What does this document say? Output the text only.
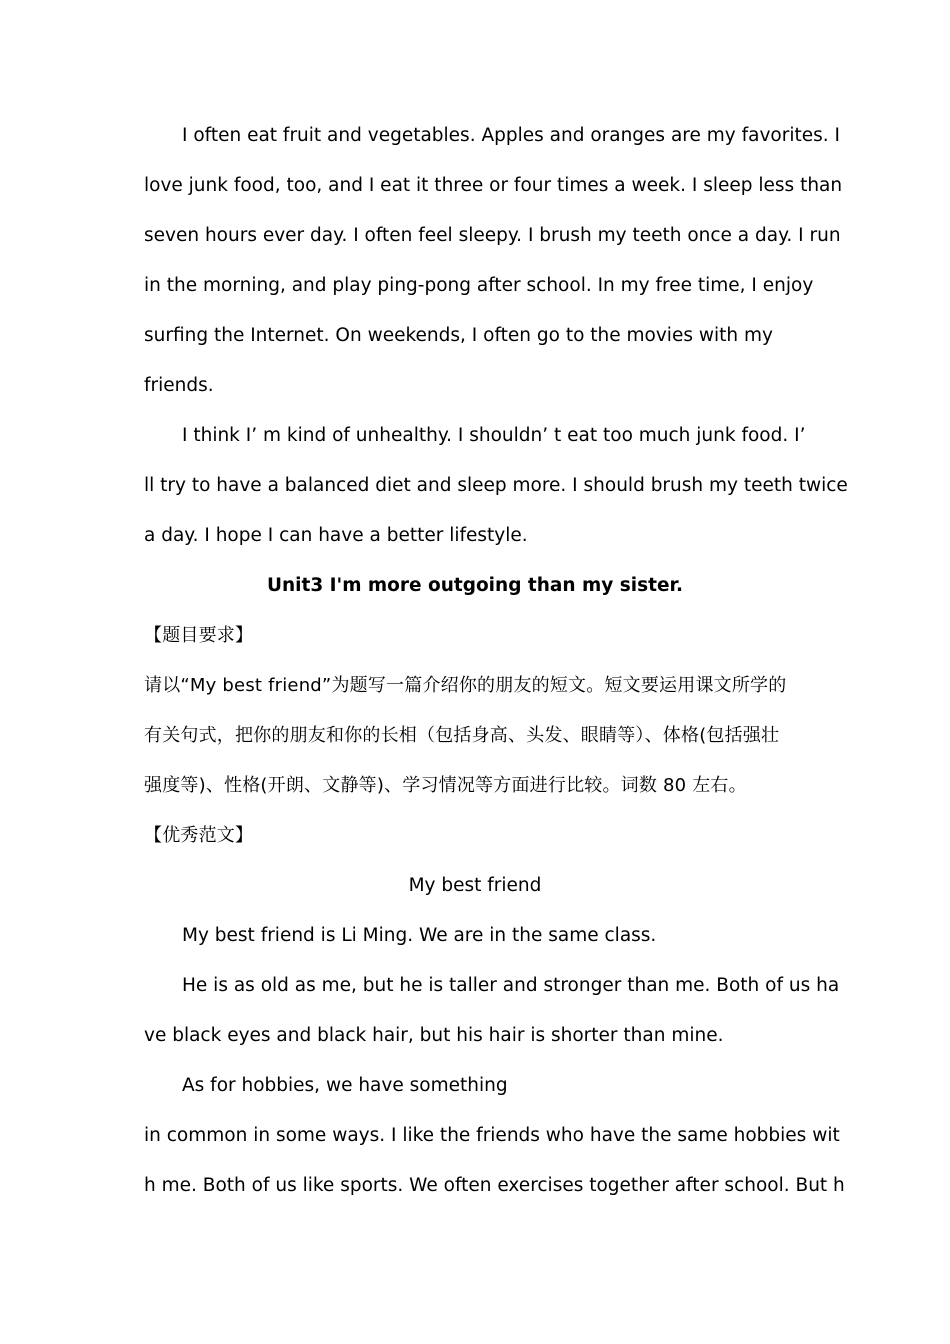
I often eat fruit and vegetables. Apples and oranges are my favorites. I
love junk food, too, and I eat it three or four times a week. I sleep less than
seven hours ever day. I often feel sleepy. I brush my teeth once a day. I run
in the morning, and play ping-pong after school. In my free time, I enjoy
surfing the Internet. On weekends, I often go to the movies with my
friends.
I think I’ m kind of unhealthy. I shouldn’ t eat too much junk food. I’
ll try to have a balanced diet and sleep more. I should brush my teeth twice
a day. I hope I can have a better lifestyle.
Unit3 I'm more outgoing than my sister.
【题目要求】
请以“My best friend”为题写一篇介绍你的朋友的短文。短文要运用课文所学的
有关句式，把你的朋友和你的长相（包括身高、头发、眼睛等）、体格(包括强壮
强度等)、性格(开朗、文静等)、学习情况等方面进行比较。词数 80 左右。
【优秀范文】
My best friend
My best friend is Li Ming. We are in the same class.
He is as old as me, but he is taller and stronger than me. Both of us ha
ve black eyes and black hair, but his hair is shorter than mine.
As for hobbies, we have something
in common in some ways. I like the friends who have the same hobbies wit
h me. Both of us like sports. We often exercises together after school. But h
